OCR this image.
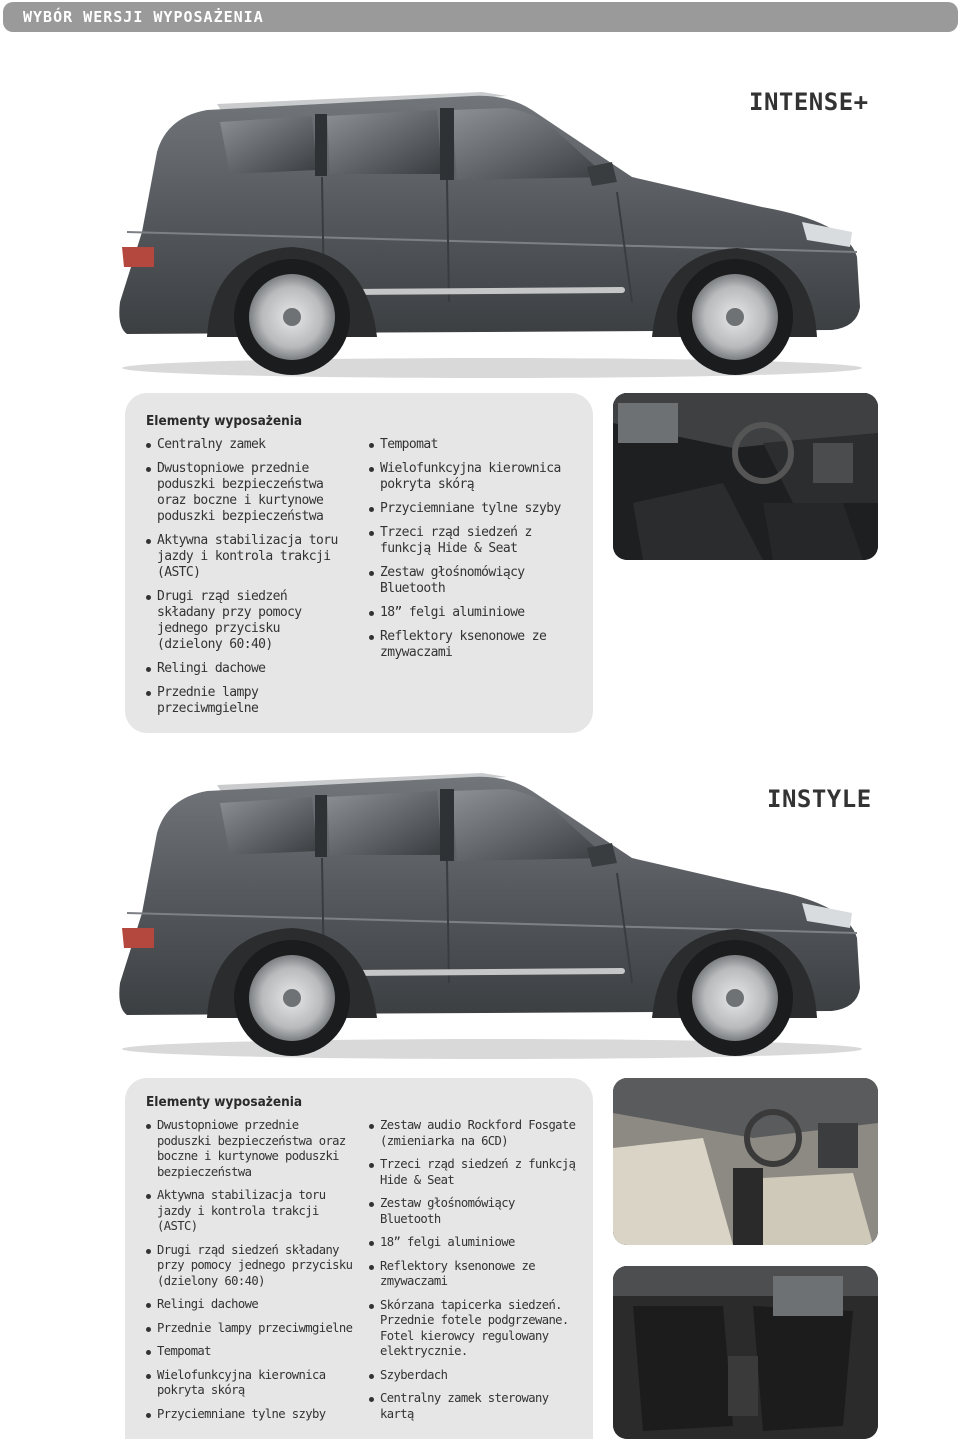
WYBÓR WERSJI WYPOSAŻENIA
INTENSE+
Elementy wyposażenia
Centralny zamek
Dwustopniowe przednie poduszki bezpieczeństwa oraz boczne i kurtynowe poduszki bezpieczeństwa
Aktywna stabilizacja toru jazdy i kontrola trakcji (ASTC)
Drugi rząd siedzeń składany przy pomocy jednego przycisku (dzielony 60:40)
Relingi dachowe
Przednie lampy przeciwmgielne
Tempomat
Wielofunkcyjna kierownica pokryta skórą
Przyciemniane tylne szyby
Trzeci rząd siedzeń z funkcją Hide & Seat
Zestaw głośnomówiący Bluetooth
18” felgi aluminiowe
Reflektory ksenonowe ze zmywaczami
INSTYLE
Elementy wyposażenia
Dwustopniowe przednie poduszki bezpieczeństwa oraz boczne i kurtynowe poduszki bezpieczeństwa
Aktywna stabilizacja toru jazdy i kontrola trakcji (ASTC)
Drugi rząd siedzeń składany przy pomocy jednego przycisku (dzielony 60:40)
Relingi dachowe
Przednie lampy przeciwmgielne
Tempomat
Wielofunkcyjna kierownica pokryta skórą
Przyciemniane tylne szyby
Zestaw audio Rockford Fosgate (zmieniarka na 6CD)
Trzeci rząd siedzeń z funkcją Hide & Seat
Zestaw głośnomówiący Bluetooth
18” felgi aluminiowe
Reflektory ksenonowe ze zmywaczami
Skórzana tapicerka siedzeń. Przednie fotele podgrzewane. Fotel kierowcy regulowany elektrycznie.
Szyberdach
Centralny zamek sterowany kartą
